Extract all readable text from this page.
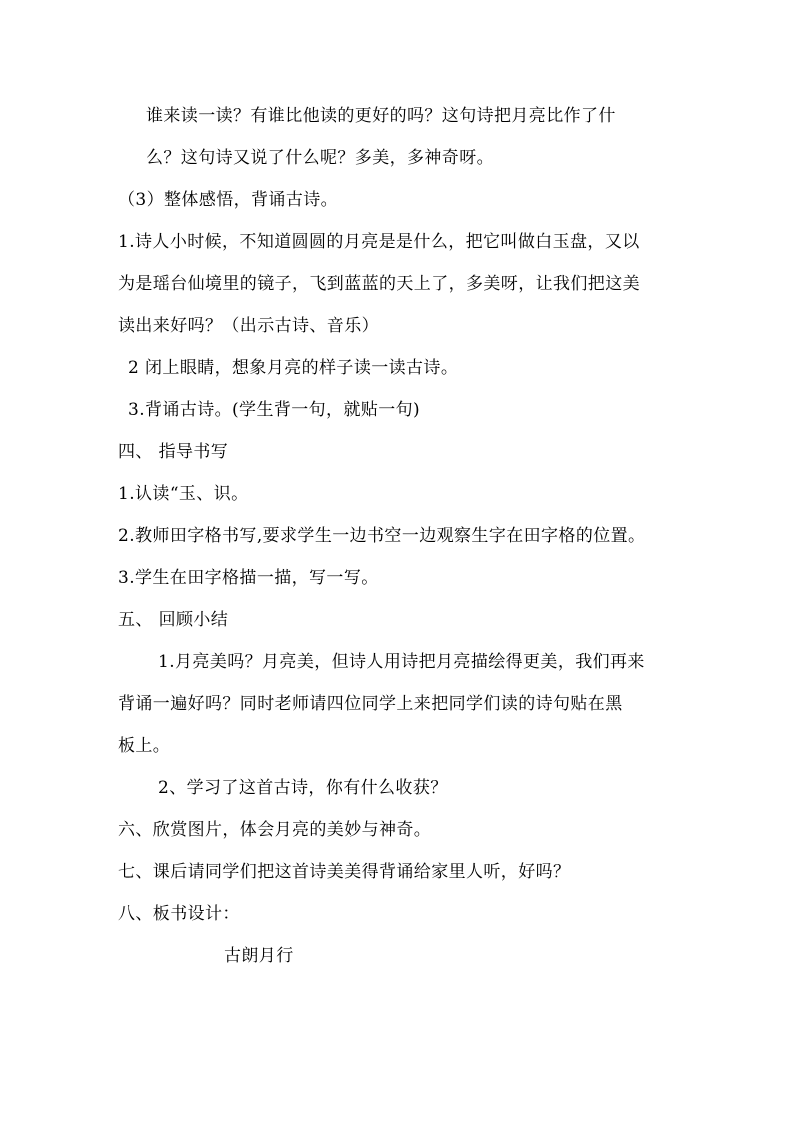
谁来读一读？有谁比他读的更好的吗？这句诗把月亮比作了什
么？这句诗又说了什么呢？多美，多神奇呀。
（3）整体感悟，背诵古诗。
1.诗人小时候，不知道圆圆的月亮是是什么，把它叫做白玉盘，又以
为是瑶台仙境里的镜子，飞到蓝蓝的天上了，多美呀，让我们把这美
读出来好吗？（出示古诗、音乐）
2 闭上眼睛，想象月亮的样子读一读古诗。
3.背诵古诗。(学生背一句，就贴一句)
四、 指导书写
1.认读“玉、识。
2.教师田字格书写,要求学生一边书空一边观察生字在田字格的位置。
3.学生在田字格描一描，写一写。
五、 回顾小结
1.月亮美吗？月亮美，但诗人用诗把月亮描绘得更美，我们再来
背诵一遍好吗？同时老师请四位同学上来把同学们读的诗句贴在黑
板上。
2、学习了这首古诗，你有什么收获？
六、欣赏图片，体会月亮的美妙与神奇。
七、课后请同学们把这首诗美美得背诵给家里人听，好吗？
八、板书设计：
古朗月行
